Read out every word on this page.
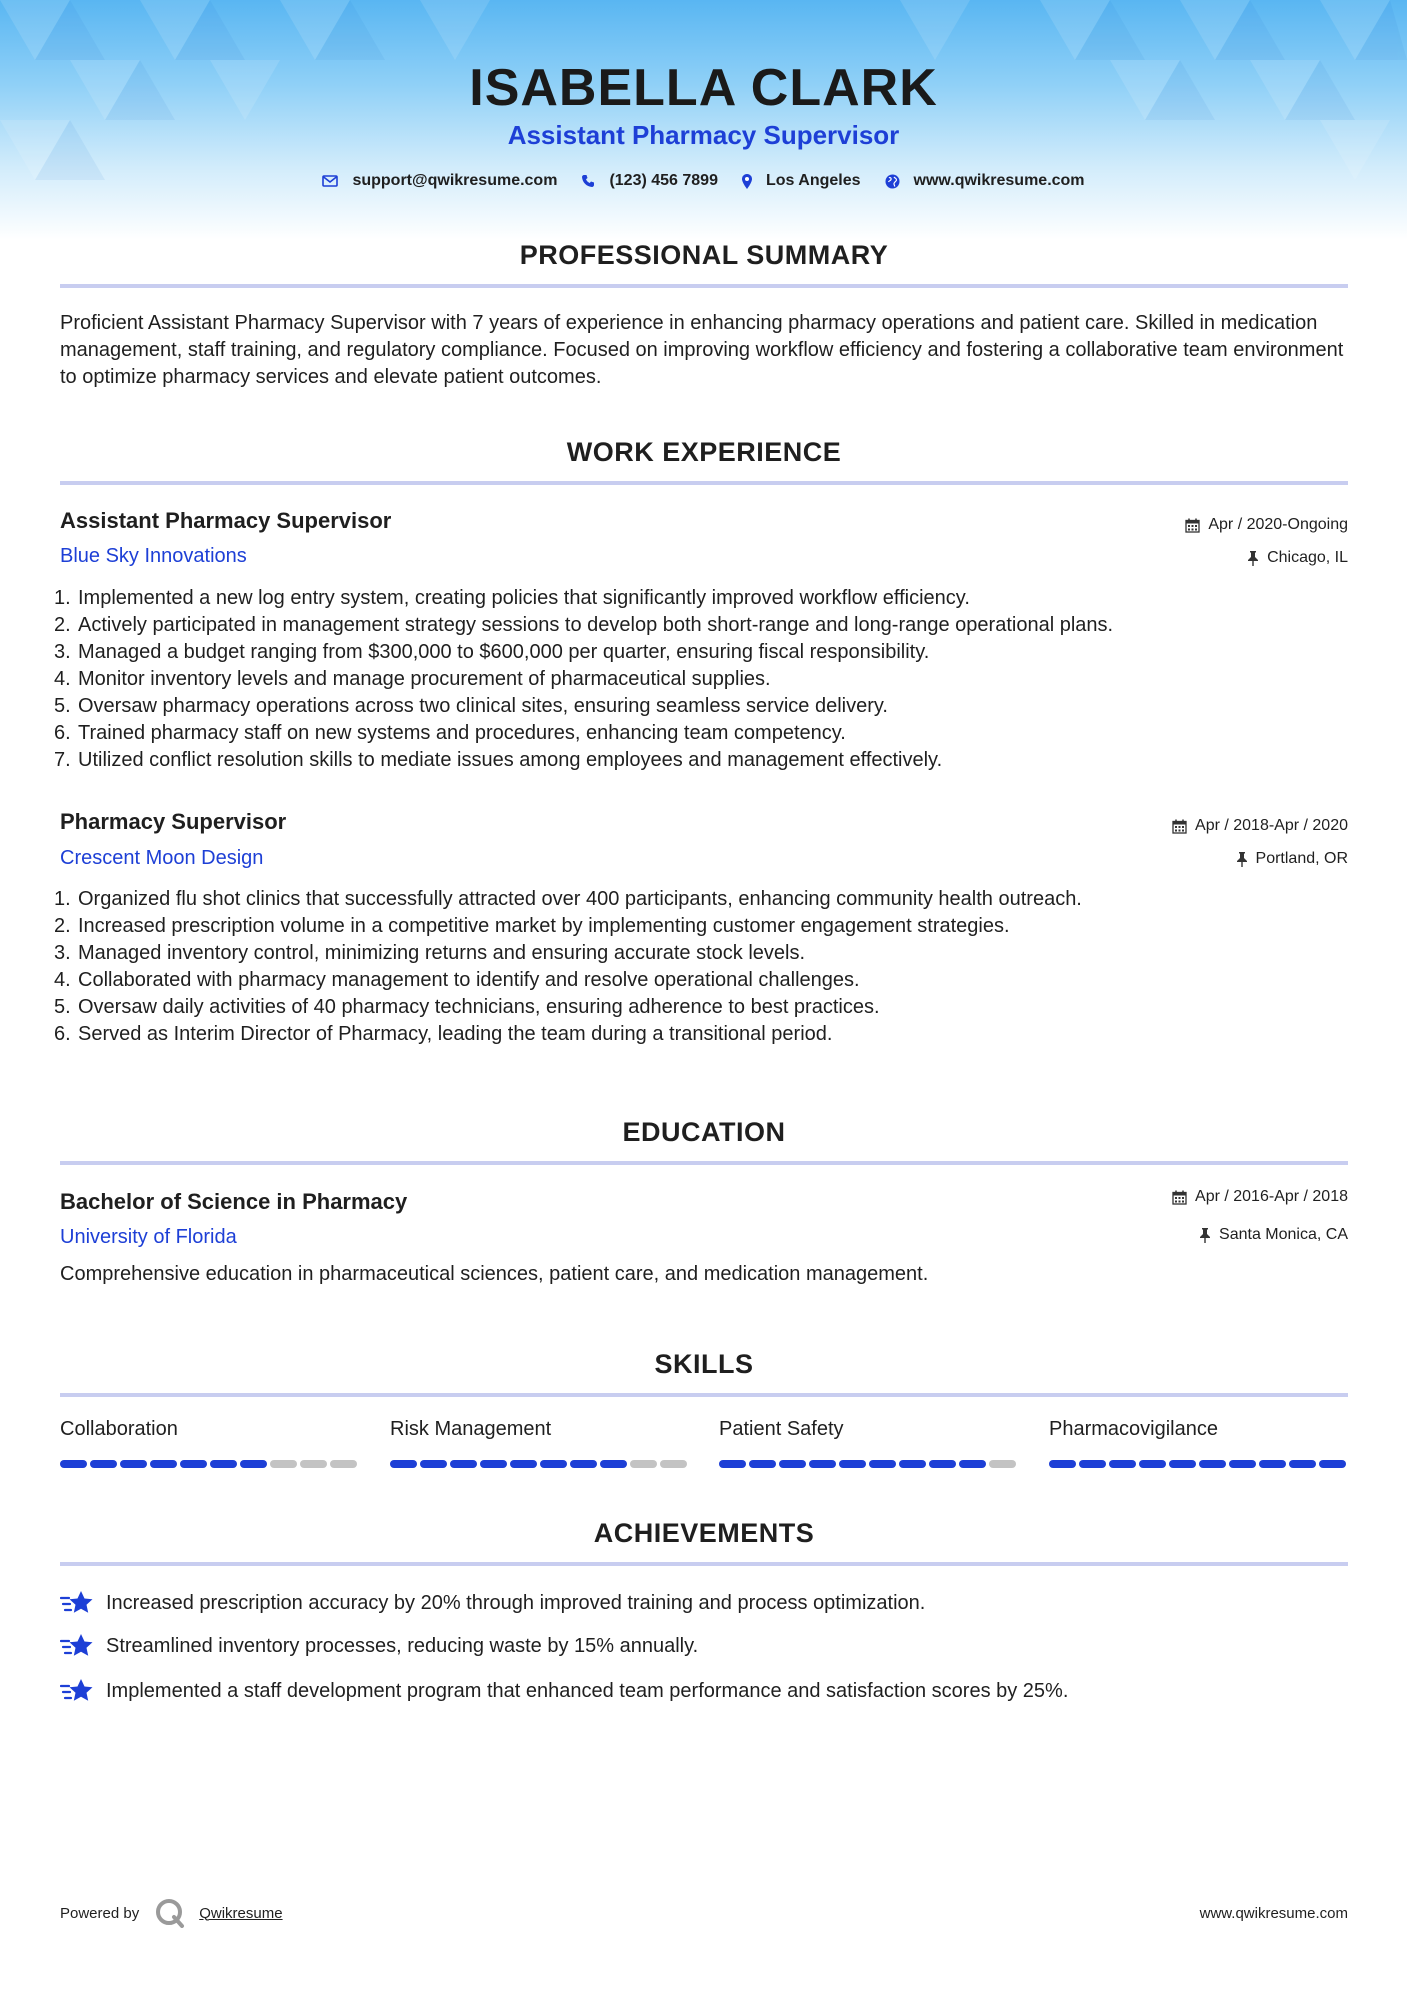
ISABELLA CLARK
Assistant Pharmacy Supervisor
support@qwikresume.com	(123) 456 7899	Los Angeles	www.qwikresume.com
PROFESSIONAL SUMMARY
Proficient Assistant Pharmacy Supervisor with 7 years of experience in enhancing pharmacy operations and patient care. Skilled in medication management, staff training, and regulatory compliance. Focused on improving workflow efficiency and fostering a collaborative team environment to optimize pharmacy services and elevate patient outcomes.
WORK EXPERIENCE
Assistant Pharmacy Supervisor
Blue Sky Innovations
Apr / 2020-Ongoing
Chicago, IL
1. Implemented a new log entry system, creating policies that significantly improved workflow efficiency.
2. Actively participated in management strategy sessions to develop both short-range and long-range operational plans.
3. Managed a budget ranging from $300,000 to $600,000 per quarter, ensuring fiscal responsibility.
4. Monitor inventory levels and manage procurement of pharmaceutical supplies.
5. Oversaw pharmacy operations across two clinical sites, ensuring seamless service delivery.
6. Trained pharmacy staff on new systems and procedures, enhancing team competency.
7. Utilized conflict resolution skills to mediate issues among employees and management effectively.
Pharmacy Supervisor
Crescent Moon Design
Apr / 2018-Apr / 2020
Portland, OR
1. Organized flu shot clinics that successfully attracted over 400 participants, enhancing community health outreach.
2. Increased prescription volume in a competitive market by implementing customer engagement strategies.
3. Managed inventory control, minimizing returns and ensuring accurate stock levels.
4. Collaborated with pharmacy management to identify and resolve operational challenges.
5. Oversaw daily activities of 40 pharmacy technicians, ensuring adherence to best practices.
6. Served as Interim Director of Pharmacy, leading the team during a transitional period.
EDUCATION
Bachelor of Science in Pharmacy
University of Florida
Apr / 2016-Apr / 2018
Santa Monica, CA
Comprehensive education in pharmaceutical sciences, patient care, and medication management.
SKILLS
Collaboration	Risk Management	Patient Safety	Pharmacovigilance
ACHIEVEMENTS
Increased prescription accuracy by 20% through improved training and process optimization.
Streamlined inventory processes, reducing waste by 15% annually.
Implemented a staff development program that enhanced team performance and satisfaction scores by 25%.
Powered by	Qwikresume	www.qwikresume.com
